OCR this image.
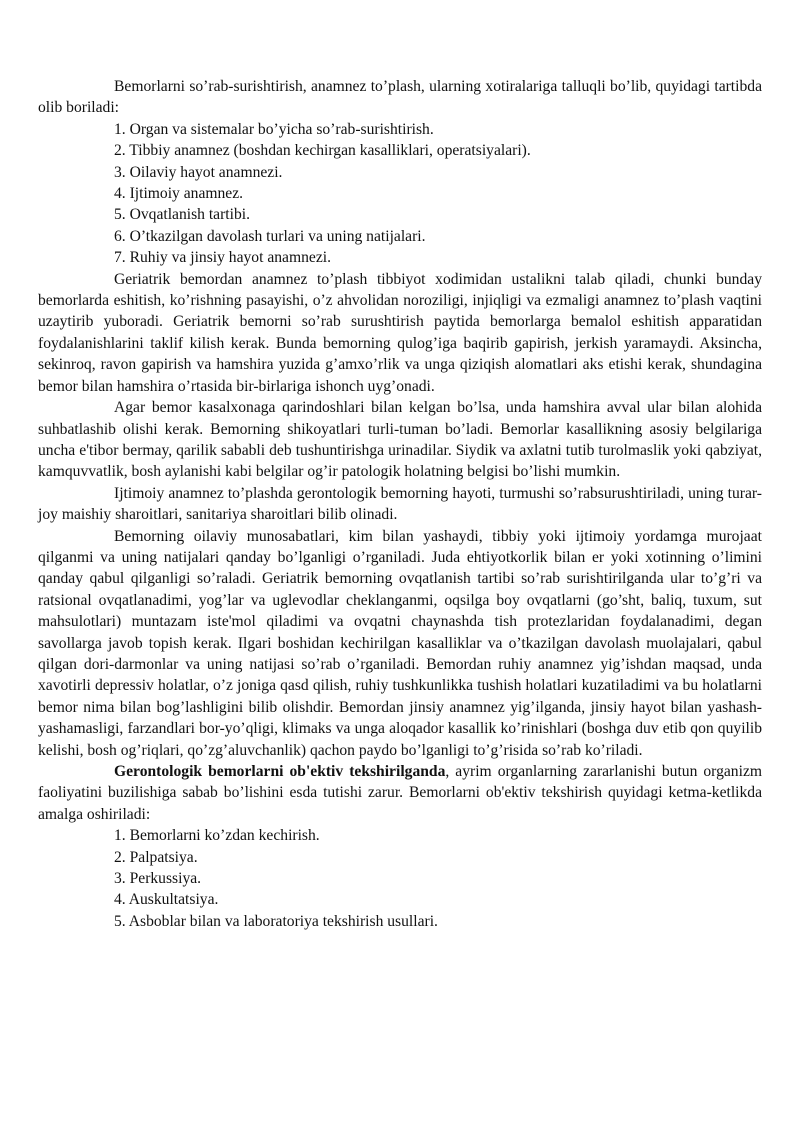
Bemorlarni so’rab-surishtirish, anamnez to’plash, ularning xotiralariga talluqli bo’lib, quyidagi tartibda olib boriladi:

1. Organ va sistemalar bo’yicha so’rab-surishtirish.

2. Tibbiy anamnez (boshdan kechirgan kasalliklari, operatsiyalari).

3. Oilaviy hayot anamnezi.

4. Ijtimoiy anamnez.

5. Ovqatlanish tartibi.

6. O’tkazilgan davolash turlari va uning natijalari.

7. Ruhiy va jinsiy hayot anamnezi.

Geriatrik bemordan anamnez to’plash tibbiyot xodimidan ustalikni talab qiladi, chunki bunday bemorlarda eshitish, ko’rishning pasayishi, o’z ahvolidan noroziligi, injiqligi va ezmaligi anamnez to’plash vaqtini uzaytirib yuboradi. Geriatrik bemorni so’rab surushtirish paytida bemorlarga bemalol eshitish apparatidan foydalanishlarini taklif kilish kerak. Bunda bemorning qulog’iga baqirib gapirish, jerkish yaramaydi. Aksincha, sekinroq, ravon gapirish va hamshira yuzida g’amxo’rlik va unga qiziqish alomatlari aks etishi kerak, shundagina bemor bilan hamshira o’rtasida bir-birlariga ishonch uyg’onadi.

Agar bemor kasalxonaga qarindoshlari bilan kelgan bo’lsa, unda hamshira avval ular bilan alohida suhbatlashib olishi kerak. Bemorning shikoyatlari turli-tuman bo’ladi. Bemorlar kasallikning asosiy belgilariga uncha e'tibor bermay, qarilik sababli deb tushuntirishga urinadilar. Siydik va axlatni tutib turolmaslik yoki qabziyat, kamquvvatlik, bosh aylanishi kabi belgilar og’ir patologik holatning belgisi bo’lishi mumkin.

Ijtimoiy anamnez to’plashda gerontologik bemorning hayoti, turmushi so’rabsurushtiriladi, uning turar-joy maishiy sharoitlari, sanitariya sharoitlari bilib olinadi.

Bemorning oilaviy munosabatlari, kim bilan yashaydi, tibbiy yoki ijtimoiy yordamga murojaat qilganmi va uning natijalari qanday bo’lganligi o’rganiladi. Juda ehtiyotkorlik bilan er yoki xotinning o’limini qanday qabul qilganligi so’raladi. Geriatrik bemorning ovqatlanish tartibi so’rab surishtirilganda ular to’g’ri va ratsional ovqatlanadimi, yog’lar va uglevodlar cheklanganmi, oqsilga boy ovqatlarni (go’sht, baliq, tuxum, sut mahsulotlari) muntazam iste'mol qiladimi va ovqatni chaynashda tish protezlaridan foydalanadimi, degan savollarga javob topish kerak. Ilgari boshidan kechirilgan kasalliklar va o’tkazilgan davolash muolajalari, qabul qilgan dori-darmonlar va uning natijasi so’rab o’rganiladi. Bemordan ruhiy anamnez yig’ishdan maqsad, unda xavotirli depressiv holatlar, o’z joniga qasd qilish, ruhiy tushkunlikka tushish holatlari kuzatiladimi va bu holatlarni bemor nima bilan bog’lashligini bilib olishdir. Bemordan jinsiy anamnez yig’ilganda, jinsiy hayot bilan yashash-yashamasligi, farzandlari bor-yo’qligi, klimaks va unga aloqador kasallik ko’rinishlari (boshga duv etib qon quyilib kelishi, bosh og’riqlari, qo’zg’aluvchanlik) qachon paydo bo’lganligi to’g’risida so’rab ko’riladi.

Gerontologik bemorlarni ob'ektiv tekshirilganda, ayrim organlarning zararlanishi butun organizm faoliyatini buzilishiga sabab bo’lishini esda tutishi zarur. Bemorlarni ob'ektiv tekshirish quyidagi ketma-ketlikda amalga oshiriladi:

1. Bemorlarni ko’zdan kechirish.

2. Palpatsiya.

3. Perkussiya.

4. Auskultatsiya.

5. Asboblar bilan va laboratoriya tekshirish usullari.
